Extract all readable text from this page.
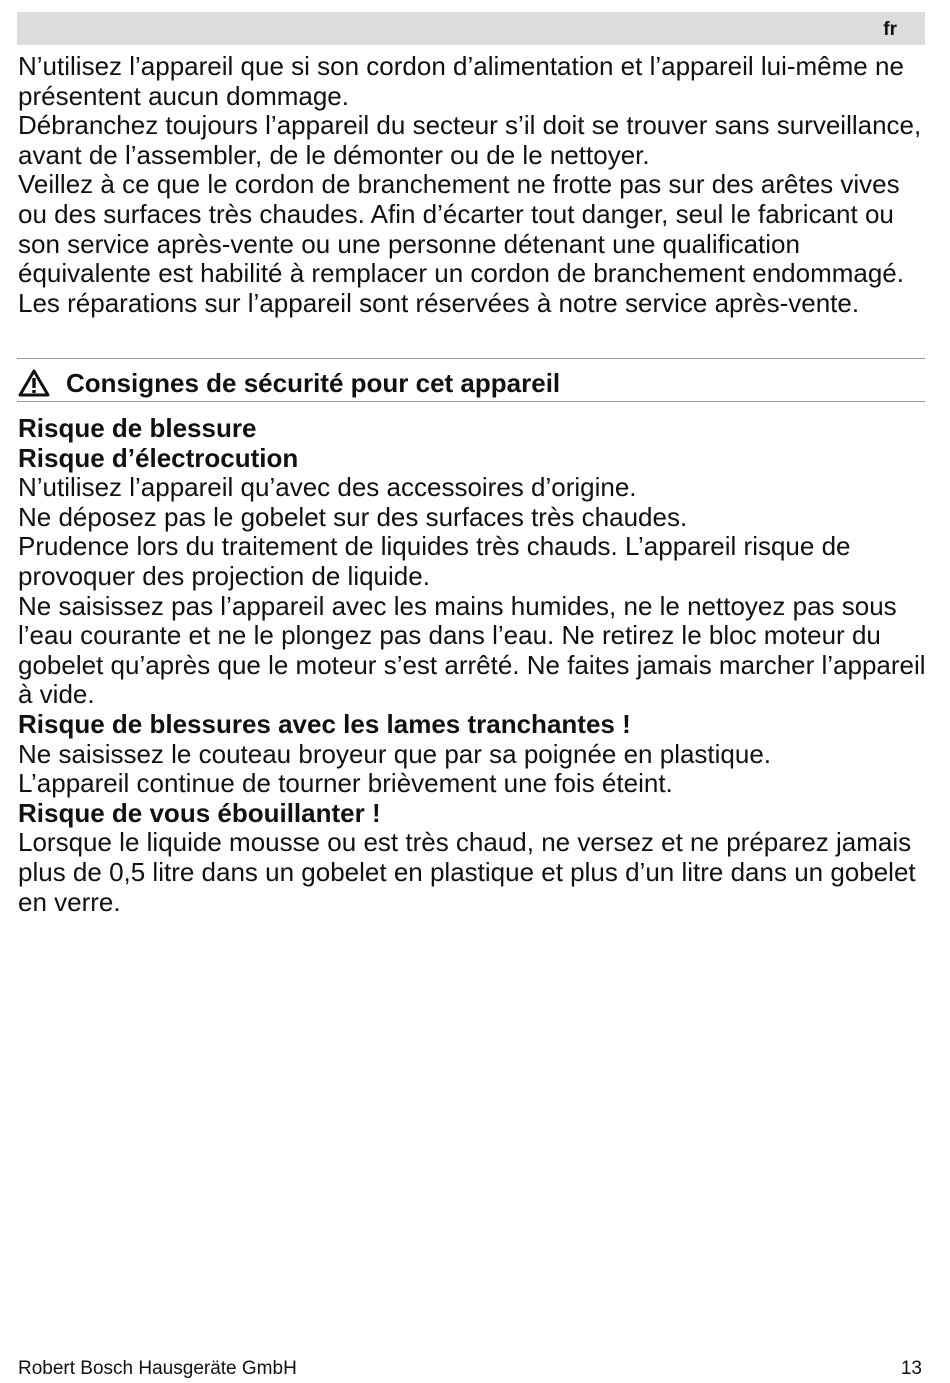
fr

N’utilisez l’appareil que si son cordon d’alimentation et l’appareil lui-même ne présentent aucun dommage.

Débranchez toujours l’appareil du secteur s’il doit se trouver sans surveillance, avant de l’assembler, de le démonter ou de le nettoyer.

Veillez à ce que le cordon de branchement ne frotte pas sur des arêtes vives ou des surfaces très chaudes. Afin d’écarter tout danger, seul le fabricant ou son service après-vente ou une personne détenant une qualification équivalente est habilité à remplacer un cordon de branchement endommagé.

Les réparations sur l’appareil sont réservées à notre service après-vente.

Consignes de sécurité pour cet appareil

Risque de blessure

Risque d’électrocution

N’utilisez l’appareil qu’avec des accessoires d’origine.

Ne déposez pas le gobelet sur des surfaces très chaudes.

Prudence lors du traitement de liquides très chauds. L’appareil risque de provoquer des projection de liquide.

Ne saisissez pas l’appareil avec les mains humides, ne le nettoyez pas sous l’eau courante et ne le plongez pas dans l’eau. Ne retirez le bloc moteur du gobelet qu’après que le moteur s’est arrêté. Ne faites jamais marcher l’appareil à vide.

Risque de blessures avec les lames tranchantes !

Ne saisissez le couteau broyeur que par sa poignée en plastique.

L’appareil continue de tourner brièvement une fois éteint.

Risque de vous ébouillanter !

Lorsque le liquide mousse ou est très chaud, ne versez et ne préparez jamais plus de 0,5 litre dans un gobelet en plastique et plus d’un litre dans un gobelet en verre.

Robert Bosch Hausgeräte GmbH	13
